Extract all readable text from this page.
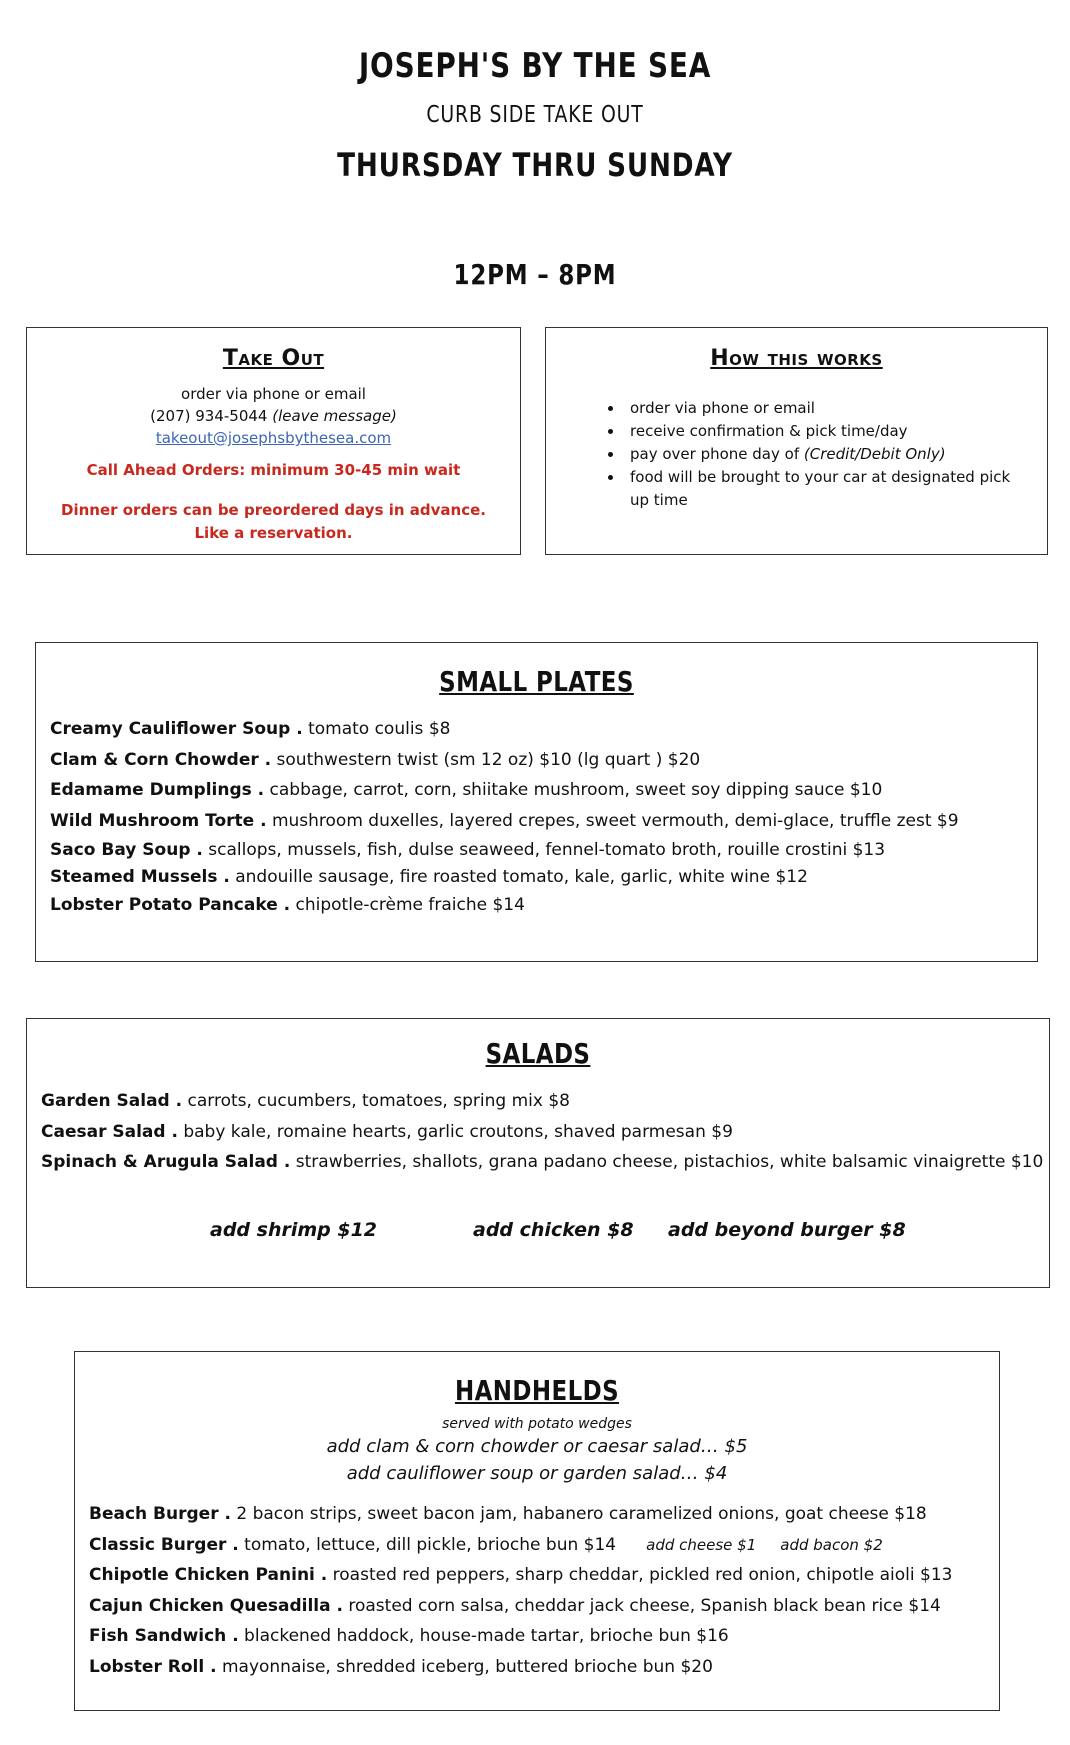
JOSEPH'S BY THE SEA
CURB SIDE TAKE OUT
THURSDAY THRU SUNDAY
12PM – 8PM
Take Out
order via phone or email
(207) 934-5044 (leave message)
takeout@josephsbythesea.com
Call Ahead Orders: minimum 30-45 min wait
Dinner orders can be preordered days in advance.
Like a reservation.
How this works
• order via phone or email
• receive confirmation & pick time/day
• pay over phone day of (Credit/Debit Only)
• food will be brought to your car at designated pick up time
SMALL PLATES
Creamy Cauliflower Soup . tomato coulis $8
Clam & Corn Chowder . southwestern twist (sm 12 oz) $10 (lg quart ) $20
Edamame Dumplings . cabbage, carrot, corn, shiitake mushroom, sweet soy dipping sauce $10
Wild Mushroom Torte . mushroom duxelles, layered crepes, sweet vermouth, demi-glace, truffle zest $9
Saco Bay Soup . scallops, mussels, fish, dulse seaweed, fennel-tomato broth, rouille crostini $13
Steamed Mussels . andouille sausage, fire roasted tomato, kale, garlic, white wine $12
Lobster Potato Pancake . chipotle-crème fraiche $14
SALADS
Garden Salad . carrots, cucumbers, tomatoes, spring mix $8
Caesar Salad . baby kale, romaine hearts, garlic croutons, shaved parmesan $9
Spinach & Arugula Salad . strawberries, shallots, grana padano cheese, pistachios, white balsamic vinaigrette $10
add shrimp $12	add chicken $8 add beyond burger $8
HANDHELDS
served with potato wedges
add clam & corn chowder or caesar salad… $5
add cauliflower soup or garden salad… $4
Beach Burger . 2 bacon strips, sweet bacon jam, habanero caramelized onions, goat cheese $18
Classic Burger . tomato, lettuce, dill pickle, brioche bun $14 add cheese $1 add bacon $2
Chipotle Chicken Panini . roasted red peppers, sharp cheddar, pickled red onion, chipotle aioli $13
Cajun Chicken Quesadilla . roasted corn salsa, cheddar jack cheese, Spanish black bean rice $14
Fish Sandwich . blackened haddock, house-made tartar, brioche bun $16
Lobster Roll . mayonnaise, shredded iceberg, buttered brioche bun $20
